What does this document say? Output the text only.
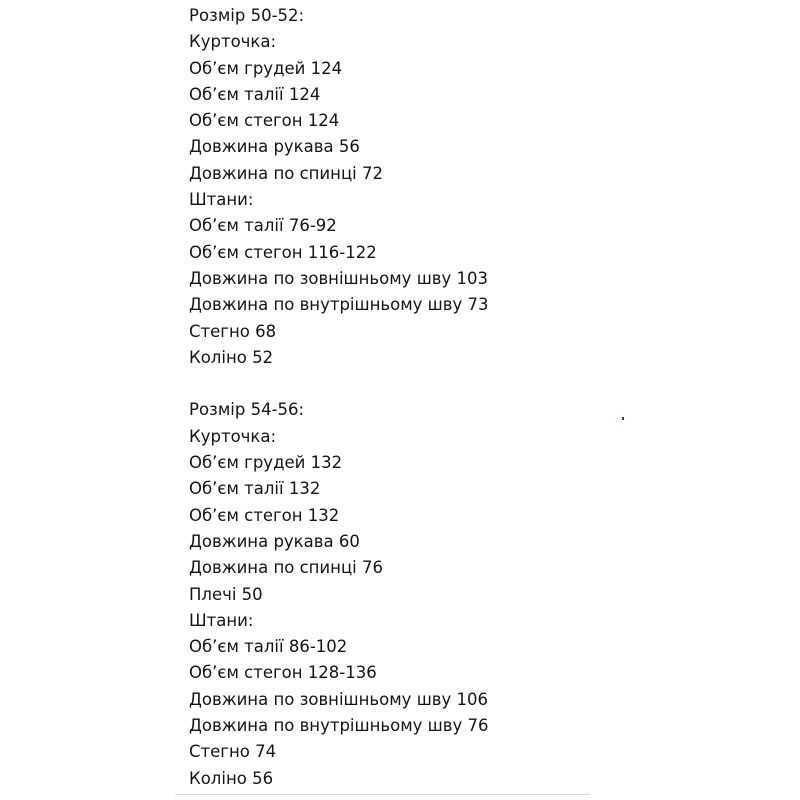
Розмір 50-52:
Курточка:
Об’єм грудей 124
Об’єм талії 124
Об’єм стегон 124
Довжина рукава 56
Довжина по спинці 72
Штани:
Об’єм талії 76-92
Об’єм стегон 116-122
Довжина по зовнішньому шву 103
Довжина по внутрішньому шву 73
Стегно 68
Коліно 52
Розмір 54-56:
Курточка:
Об’єм грудей 132
Об’єм талії 132
Об’єм стегон 132
Довжина рукава 60
Довжина по спинці 76
Плечі 50
Штани:
Об’єм талії 86-102
Об’єм стегон 128-136
Довжина по зовнішньому шву 106
Довжина по внутрішньому шву 76
Стегно 74
Коліно 56
